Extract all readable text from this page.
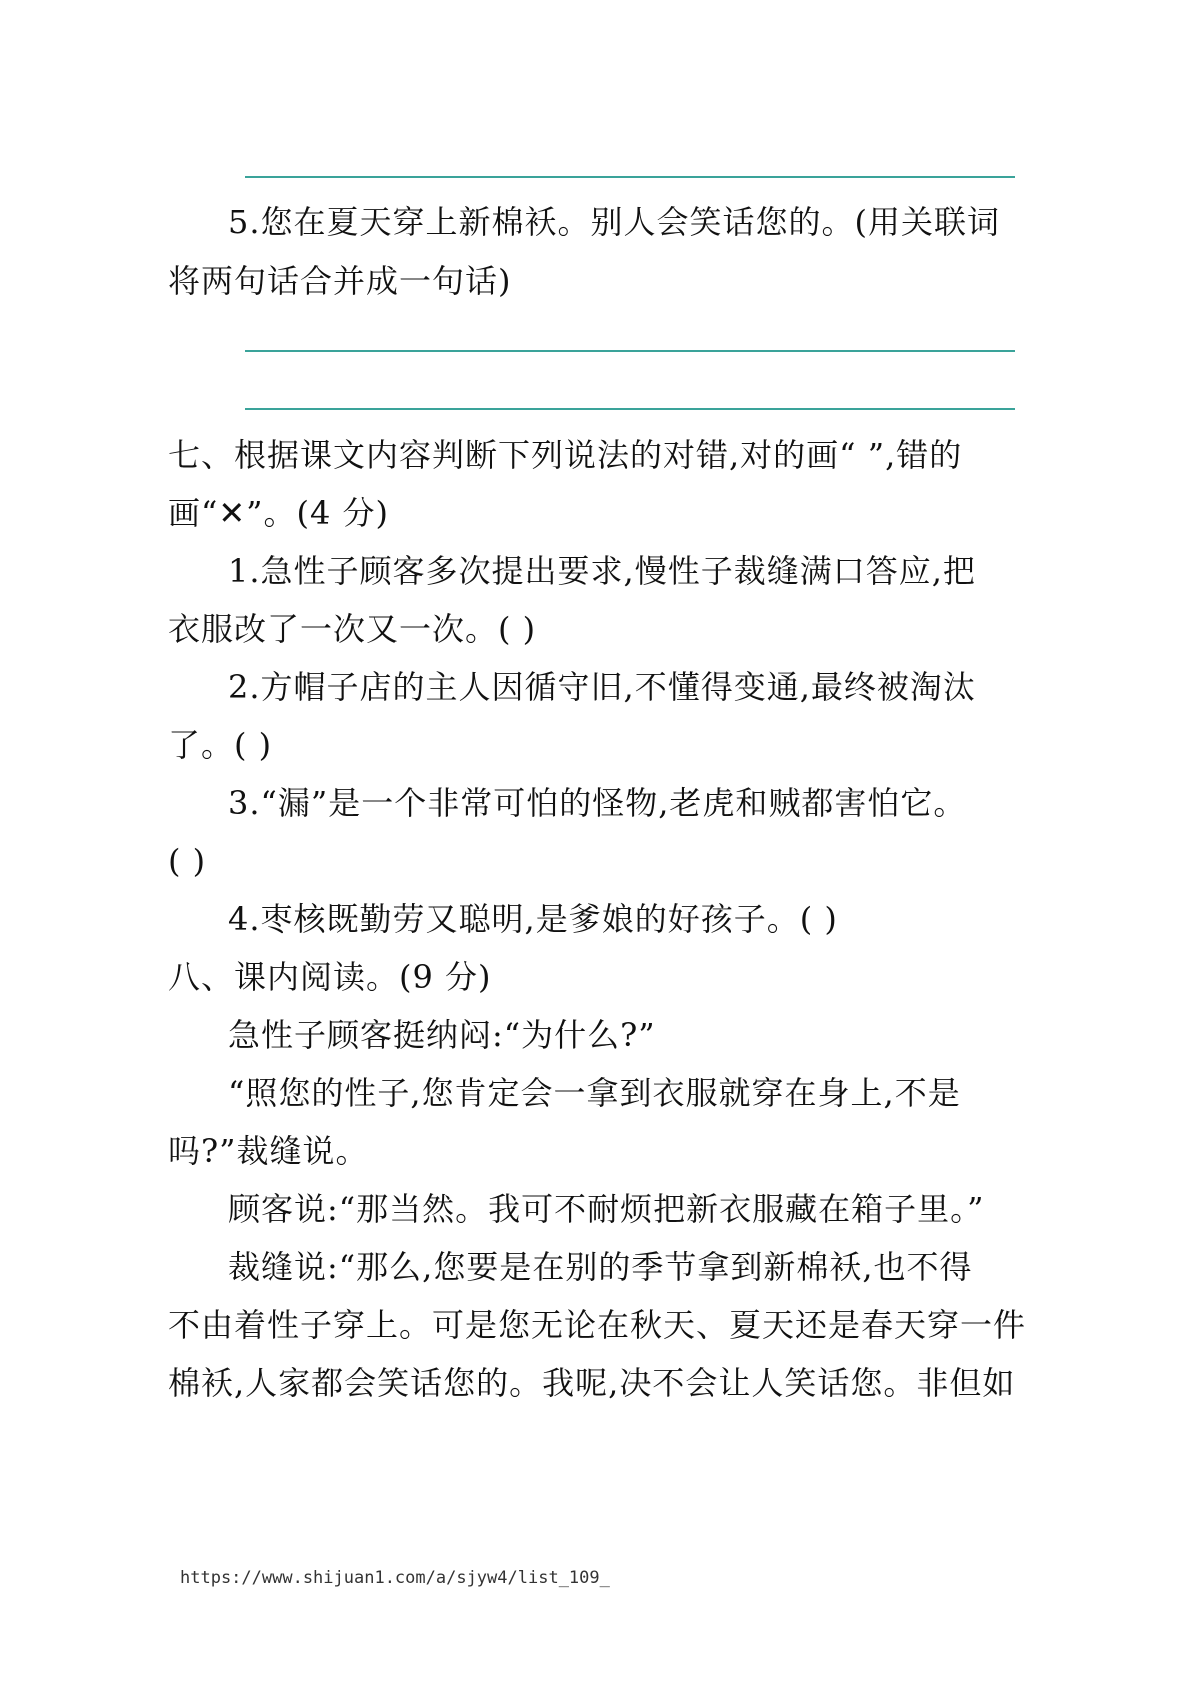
5.您在夏天穿上新棉袄。别人会笑话您的。(用关联词
将两句话合并成一句话)
七、根据课文内容判断下列说法的对错,对的画“ ”,错的
画“✕”。(4 分)
1.急性子顾客多次提出要求,慢性子裁缝满口答应,把
衣服改了一次又一次。( )
2.方帽子店的主人因循守旧,不懂得变通,最终被淘汰
了。( )
3.“漏”是一个非常可怕的怪物,老虎和贼都害怕它。
( )
4.枣核既勤劳又聪明,是爹娘的好孩子。( )
八、课内阅读。(9 分)
急性子顾客挺纳闷:“为什么?”
“照您的性子,您肯定会一拿到衣服就穿在身上,不是
吗?”裁缝说。
顾客说:“那当然。我可不耐烦把新衣服藏在箱子里。”
裁缝说:“那么,您要是在别的季节拿到新棉袄,也不得
不由着性子穿上。可是您无论在秋天、夏天还是春天穿一件
棉袄,人家都会笑话您的。我呢,决不会让人笑话您。非但如
https://www.shijuan1.com/a/sjyw4/list_109_
